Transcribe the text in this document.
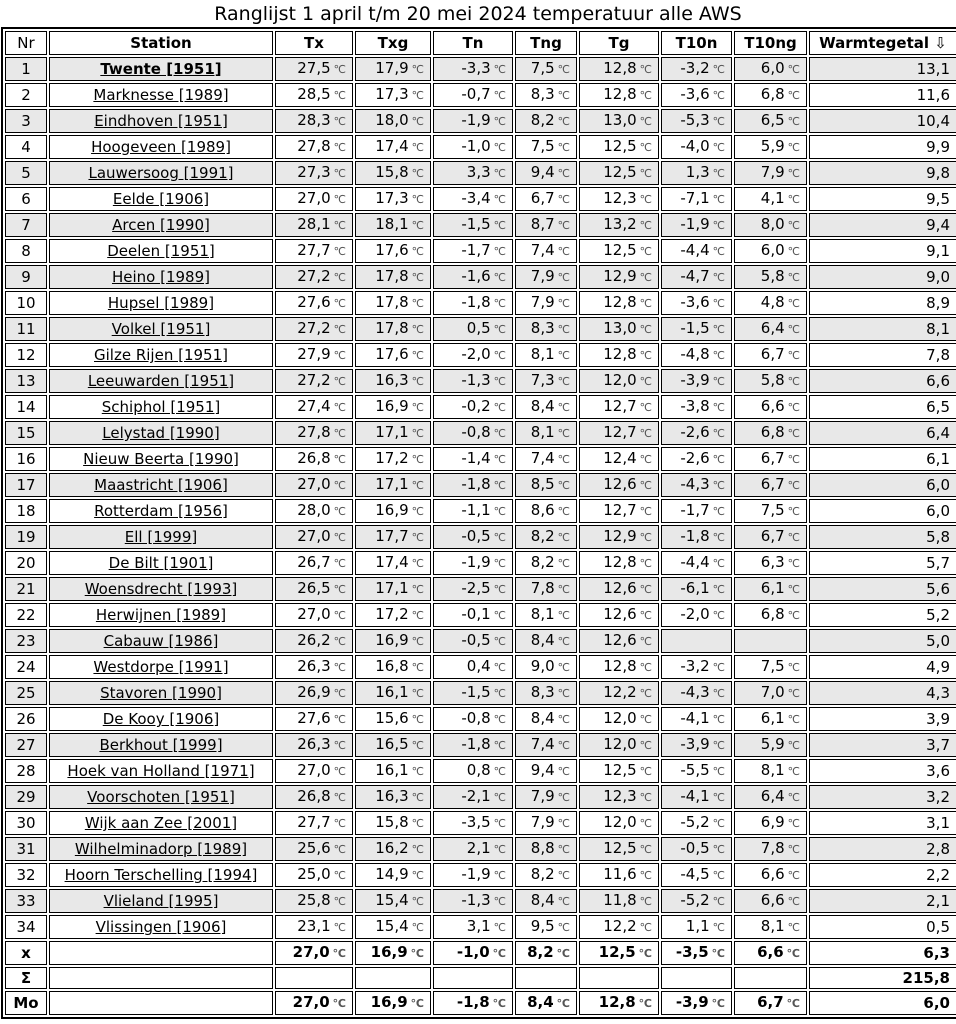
Ranglijst 1 april t/m 20 mei 2024 temperatuur alle AWS
Nr	Station	Tx	Txg	Tn	Tng	Tg	T10n	T10ng	Warmtegetal ⇩
1	Twente [1951]	27,5 ℃	17,9 ℃	-3,3 ℃	7,5 ℃	12,8 ℃	-3,2 ℃	6,0 ℃	13,1
2	Marknesse [1989]	28,5 ℃	17,3 ℃	-0,7 ℃	8,3 ℃	12,8 ℃	-3,6 ℃	6,8 ℃	11,6
3	Eindhoven [1951]	28,3 ℃	18,0 ℃	-1,9 ℃	8,2 ℃	13,0 ℃	-5,3 ℃	6,5 ℃	10,4
4	Hoogeveen [1989]	27,8 ℃	17,4 ℃	-1,0 ℃	7,5 ℃	12,5 ℃	-4,0 ℃	5,9 ℃	9,9
5	Lauwersoog [1991]	27,3 ℃	15,8 ℃	3,3 ℃	9,4 ℃	12,5 ℃	1,3 ℃	7,9 ℃	9,8
6	Eelde [1906]	27,0 ℃	17,3 ℃	-3,4 ℃	6,7 ℃	12,3 ℃	-7,1 ℃	4,1 ℃	9,5
7	Arcen [1990]	28,1 ℃	18,1 ℃	-1,5 ℃	8,7 ℃	13,2 ℃	-1,9 ℃	8,0 ℃	9,4
8	Deelen [1951]	27,7 ℃	17,6 ℃	-1,7 ℃	7,4 ℃	12,5 ℃	-4,4 ℃	6,0 ℃	9,1
9	Heino [1989]	27,2 ℃	17,8 ℃	-1,6 ℃	7,9 ℃	12,9 ℃	-4,7 ℃	5,8 ℃	9,0
10	Hupsel [1989]	27,6 ℃	17,8 ℃	-1,8 ℃	7,9 ℃	12,8 ℃	-3,6 ℃	4,8 ℃	8,9
11	Volkel [1951]	27,2 ℃	17,8 ℃	0,5 ℃	8,3 ℃	13,0 ℃	-1,5 ℃	6,4 ℃	8,1
12	Gilze Rijen [1951]	27,9 ℃	17,6 ℃	-2,0 ℃	8,1 ℃	12,8 ℃	-4,8 ℃	6,7 ℃	7,8
13	Leeuwarden [1951]	27,2 ℃	16,3 ℃	-1,3 ℃	7,3 ℃	12,0 ℃	-3,9 ℃	5,8 ℃	6,6
14	Schiphol [1951]	27,4 ℃	16,9 ℃	-0,2 ℃	8,4 ℃	12,7 ℃	-3,8 ℃	6,6 ℃	6,5
15	Lelystad [1990]	27,8 ℃	17,1 ℃	-0,8 ℃	8,1 ℃	12,7 ℃	-2,6 ℃	6,8 ℃	6,4
16	Nieuw Beerta [1990]	26,8 ℃	17,2 ℃	-1,4 ℃	7,4 ℃	12,4 ℃	-2,6 ℃	6,7 ℃	6,1
17	Maastricht [1906]	27,0 ℃	17,1 ℃	-1,8 ℃	8,5 ℃	12,6 ℃	-4,3 ℃	6,7 ℃	6,0
18	Rotterdam [1956]	28,0 ℃	16,9 ℃	-1,1 ℃	8,6 ℃	12,7 ℃	-1,7 ℃	7,5 ℃	6,0
19	Ell [1999]	27,0 ℃	17,7 ℃	-0,5 ℃	8,2 ℃	12,9 ℃	-1,8 ℃	6,7 ℃	5,8
20	De Bilt [1901]	26,7 ℃	17,4 ℃	-1,9 ℃	8,2 ℃	12,8 ℃	-4,4 ℃	6,3 ℃	5,7
21	Woensdrecht [1993]	26,5 ℃	17,1 ℃	-2,5 ℃	7,8 ℃	12,6 ℃	-6,1 ℃	6,1 ℃	5,6
22	Herwijnen [1989]	27,0 ℃	17,2 ℃	-0,1 ℃	8,1 ℃	12,6 ℃	-2,0 ℃	6,8 ℃	5,2
23	Cabauw [1986]	26,2 ℃	16,9 ℃	-0,5 ℃	8,4 ℃	12,6 ℃			5,0
24	Westdorpe [1991]	26,3 ℃	16,8 ℃	0,4 ℃	9,0 ℃	12,8 ℃	-3,2 ℃	7,5 ℃	4,9
25	Stavoren [1990]	26,9 ℃	16,1 ℃	-1,5 ℃	8,3 ℃	12,2 ℃	-4,3 ℃	7,0 ℃	4,3
26	De Kooy [1906]	27,6 ℃	15,6 ℃	-0,8 ℃	8,4 ℃	12,0 ℃	-4,1 ℃	6,1 ℃	3,9
27	Berkhout [1999]	26,3 ℃	16,5 ℃	-1,8 ℃	7,4 ℃	12,0 ℃	-3,9 ℃	5,9 ℃	3,7
28	Hoek van Holland [1971]	27,0 ℃	16,1 ℃	0,8 ℃	9,4 ℃	12,5 ℃	-5,5 ℃	8,1 ℃	3,6
29	Voorschoten [1951]	26,8 ℃	16,3 ℃	-2,1 ℃	7,9 ℃	12,3 ℃	-4,1 ℃	6,4 ℃	3,2
30	Wijk aan Zee [2001]	27,7 ℃	15,8 ℃	-3,5 ℃	7,9 ℃	12,0 ℃	-5,2 ℃	6,9 ℃	3,1
31	Wilhelminadorp [1989]	25,6 ℃	16,2 ℃	2,1 ℃	8,8 ℃	12,5 ℃	-0,5 ℃	7,8 ℃	2,8
32	Hoorn Terschelling [1994]	25,0 ℃	14,9 ℃	-1,9 ℃	8,2 ℃	11,6 ℃	-4,5 ℃	6,6 ℃	2,2
33	Vlieland [1995]	25,8 ℃	15,4 ℃	-1,3 ℃	8,4 ℃	11,8 ℃	-5,2 ℃	6,6 ℃	2,1
34	Vlissingen [1906]	23,1 ℃	15,4 ℃	3,1 ℃	9,5 ℃	12,2 ℃	1,1 ℃	8,1 ℃	0,5
x		27,0 ℃	16,9 ℃	-1,0 ℃	8,2 ℃	12,5 ℃	-3,5 ℃	6,6 ℃	6,3
Σ									215,8
Mo		27,0 ℃	16,9 ℃	-1,8 ℃	8,4 ℃	12,8 ℃	-3,9 ℃	6,7 ℃	6,0
